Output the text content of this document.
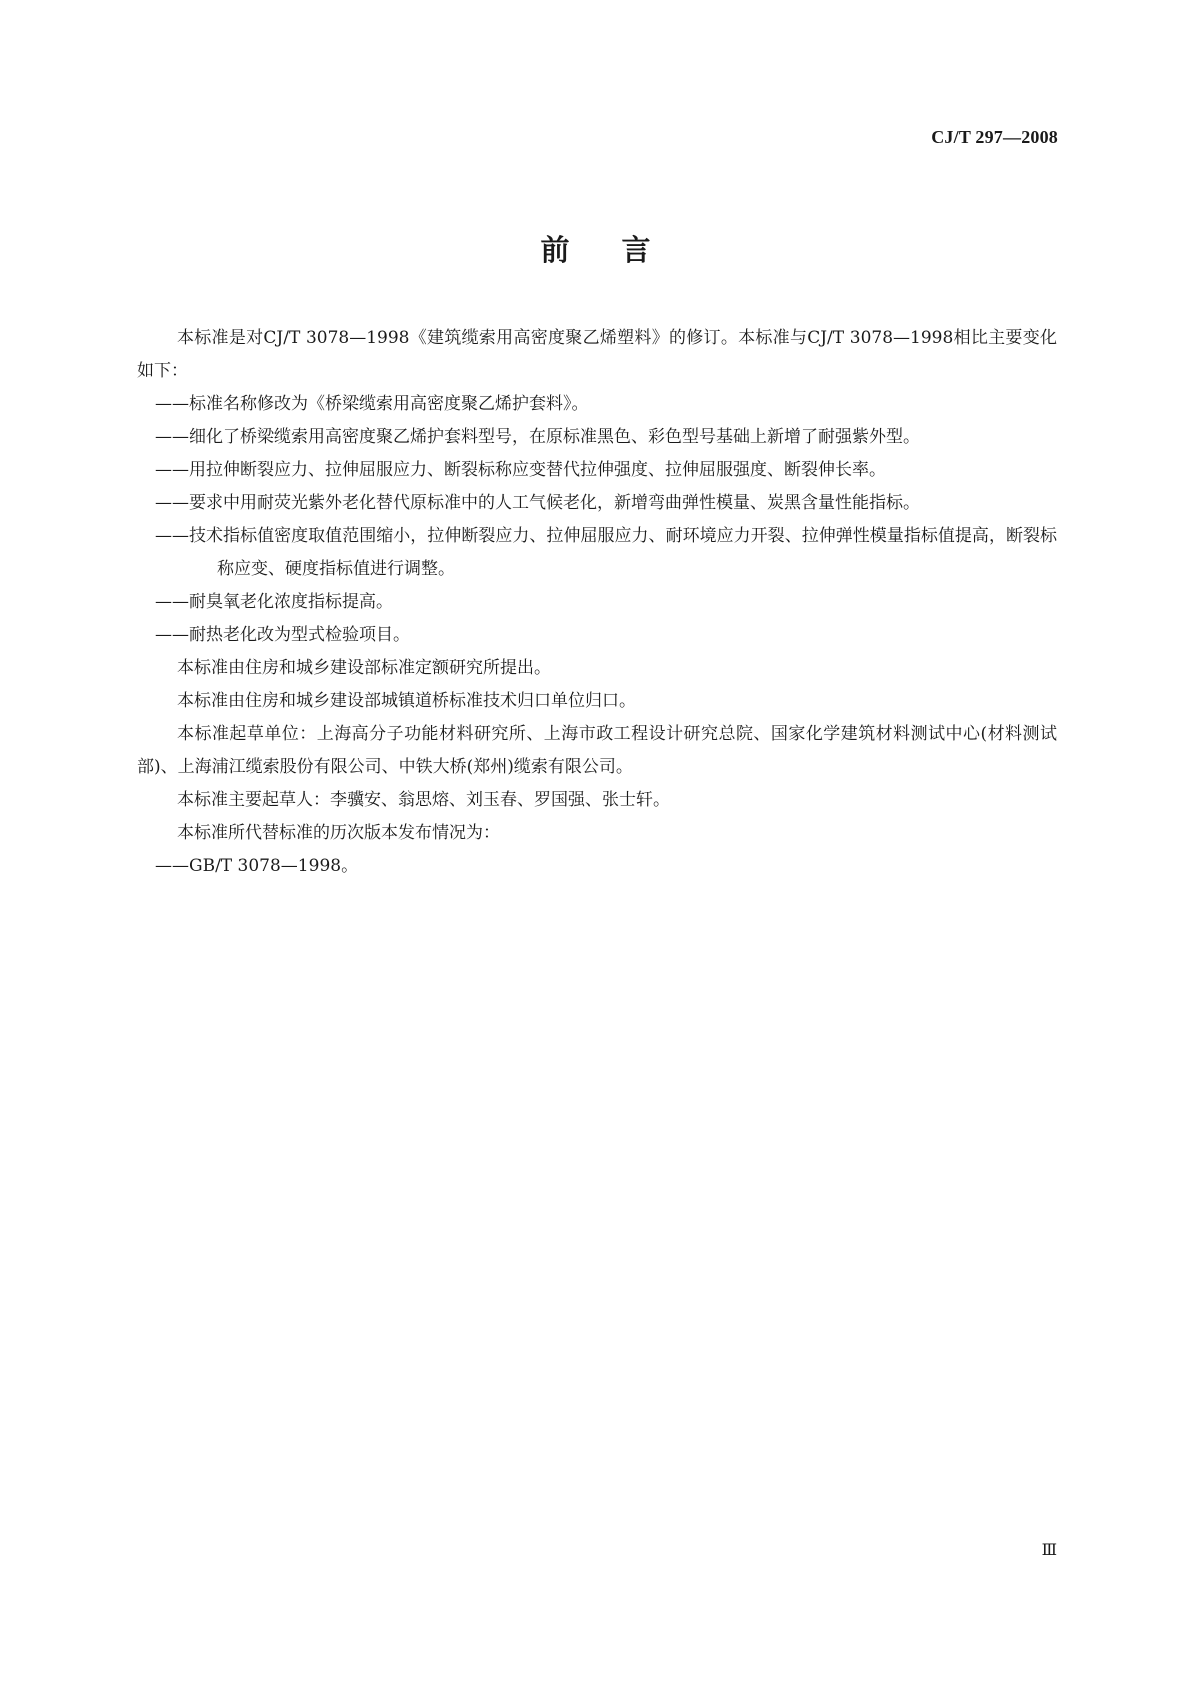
CJ/T 297—2008
前言

本标准是对CJ/T 3078—1998《建筑缆索用高密度聚乙烯塑料》的修订。本标准与CJ/T 3078—1998相比主要变化如下：

——标准名称修改为《桥梁缆索用高密度聚乙烯护套料》。

——细化了桥梁缆索用高密度聚乙烯护套料型号，在原标准黑色、彩色型号基础上新增了耐强紫外型。

——用拉伸断裂应力、拉伸屈服应力、断裂标称应变替代拉伸强度、拉伸屈服强度、断裂伸长率。

——要求中用耐荧光紫外老化替代原标准中的人工气候老化，新增弯曲弹性模量、炭黑含量性能指标。

——技术指标值密度取值范围缩小，拉伸断裂应力、拉伸屈服应力、耐环境应力开裂、拉伸弹性模量指标值提高，断裂标称应变、硬度指标值进行调整。

——耐臭氧老化浓度指标提高。

——耐热老化改为型式检验项目。

本标准由住房和城乡建设部标准定额研究所提出。

本标准由住房和城乡建设部城镇道桥标准技术归口单位归口。

本标准起草单位：上海高分子功能材料研究所、上海市政工程设计研究总院、国家化学建筑材料测试中心(材料测试部)、上海浦江缆索股份有限公司、中铁大桥(郑州)缆索有限公司。

本标准主要起草人：李骥安、翁思熔、刘玉春、罗国强、张士轩。

本标准所代替标准的历次版本发布情况为：

——GB/T 3078—1998。

Ⅲ
